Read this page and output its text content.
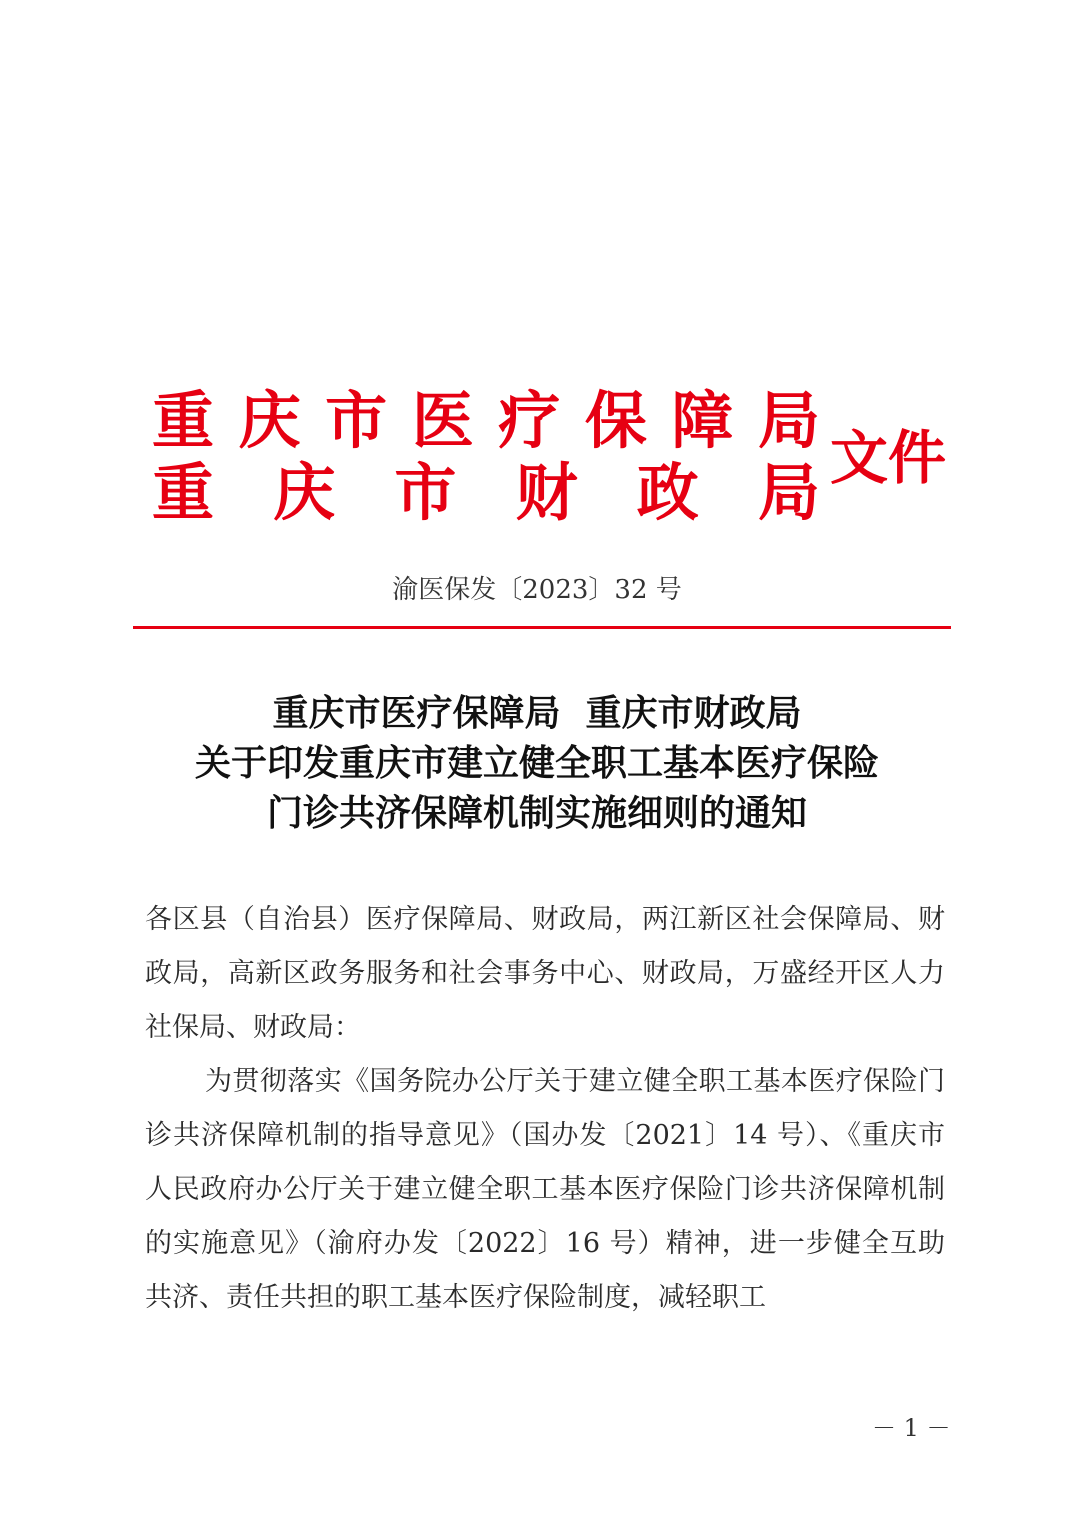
重 庆 市 医 疗 保 障 局
重 庆 市 财 政 局 文件
渝医保发〔2023〕32 号
重庆市医疗保障局  重庆市财政局
关于印发重庆市建立健全职工基本医疗保险
门诊共济保障机制实施细则的通知

各区县（自治县）医疗保障局、财政局，两江新区社会保障局、财政局，高新区政务服务和社会事务中心、财政局，万盛经开区人力社保局、财政局：

为贯彻落实《国务院办公厅关于建立健全职工基本医疗保险门诊共济保障机制的指导意见》（国办发〔2021〕14 号）、《重庆市人民政府办公厅关于建立健全职工基本医疗保险门诊共济保障机制的实施意见》（渝府办发〔2022〕16 号）精神，进一步健全互助共济、责任共担的职工基本医疗保险制度，减轻职工

－ 1 －
